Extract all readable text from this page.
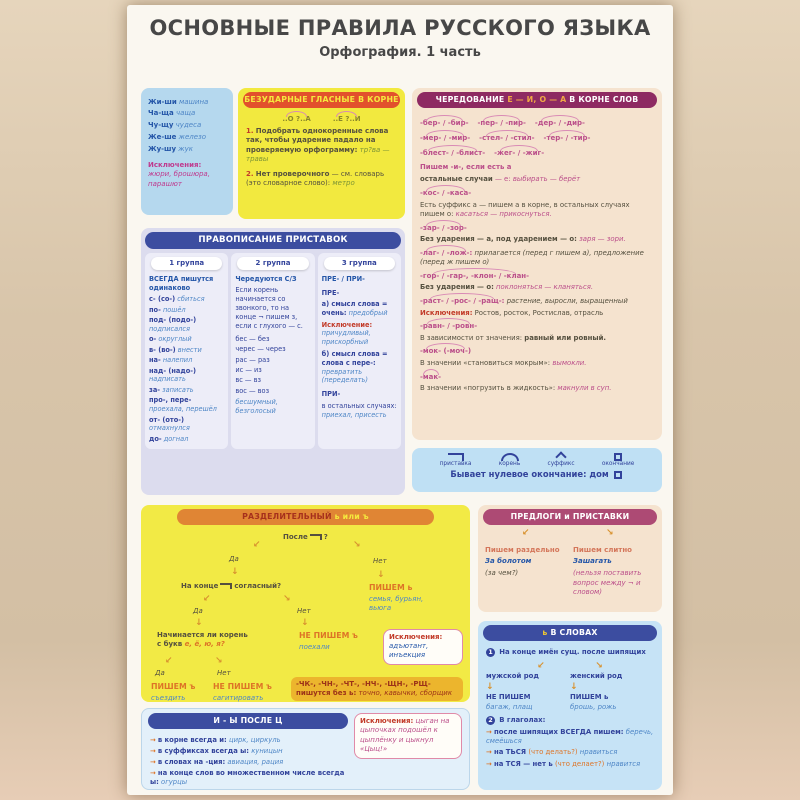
ОСНОВНЫЕ ПРАВИЛА РУССКОГО ЯЗЫКА
Орфография. 1 часть
Жи-ши машина
Ча-ща чаща
Чу-щу чудеса
Же-ше железо
Жу-шу жук
Исключения:
жюри, брошюра, парашют
БЕЗУДАРНЫЕ ГЛАСНЫЕ В КОРНЕ
..О ?..А	..Е ?..И
1. Подобрать однокоренные слова так, чтобы ударение падало на проверяемую орфограмму: тр?ва — травы
2. Нет проверочного — см. словарь (это словарное слово): метро
ЧЕРЕДОВАНИЕ Е — И, О — А В КОРНЕ СЛОВ
-бер- / -бир- -пер- / -пир- -дер- / -дир-
-мер- / -мир- -стел- / -стил- -тер- / -тир-
-блест- / -блист- -жег- / -жиг-
Пишем -и-, если есть а
остальные случаи — е: выбирать — берёт
-кос- / -каса-
Есть суффикс а — пишем а в корне, в остальных случаях пишем о: касаться — прикоснуться.
-зар- / -зор-
Без ударения — а, под ударением — о: заря — зори.
-лаг- / -лож-: прилагается (перед г пишем а), предложение (перед ж пишем о)
-гор- / -гар-, -клон- / -клан-
Без ударения — о: поклоняться — кланяться.
-раст- / -рос- / -ращ-: растение, выросли, выращенный
Исключения: Ростов, росток, Ростислав, отрасль
-равн- / -ровн-
В зависимости от значения: равный или ровный.
-мок- (-моч-)
В значении «становиться мокрым»: вымокли.
-мак-
В значении «погрузить в жидкость»: макнули в суп.
ПРАВОПИСАНИЕ ПРИСТАВОК
1 группа
ВСЕГДА пишутся одинаково
с- (со-) сбиться
по- пошёл
под- (подо-) подписался
о- округлый
в- (во-) внести
на- налепил
над- (надо-) надписать
за- записать
про-, пере- проехала, перешёл
от- (ото-) отмахнулся
до- догнал
2 группа
Чередуются С/З
Если корень начинается со звонкого, то на конце ¬ пишем з, если с глухого — с.
бес — без
черес — через
рас — раз
ис — из
вс — вз
вос — воз
бесшумный, безголосый
3 группа
ПРЕ- / ПРИ-
ПРЕ-
а) смысл слова = очень: предобрый
Исключение: причудливый, прискорбный
б) смысл слова = слова с пере-: превратить (переделать)
ПРИ-
в остальных случаях: приехал, присесть

приставка	корень	суффикс	окончание
Бывает нулевое окончание: дом
РАЗДЕЛИТЕЛЬНЫЙ ь или ъ
После ?
↙	↘
Да	Нет
↓	↓
На конце согласный?	ПИШЕМ ь
семья, бурьян, вьюга
↙	↘
Да	Нет
↓	↓
Начинается ли корень
с букв е, ё, ю, я?
НЕ ПИШЕМ ъ
поехали
Исключения:
адъютант, инъекция
↙	↘
Да	Нет
ПИШЕМ ъ
съездить
НЕ ПИШЕМ ъ
сагитировать
-ЧК-, -ЧН-, -ЧТ-, -НЧ-, -ЩН-, -РЩ-
пишутся без ь: точно, кавычки, сборщик
ПРЕДЛОГИ и ПРИСТАВКИ
↙	↘
Пишем раздельно
За болотом
(за чем?)
Пишем слитно
Зашагать
(нельзя поставить вопрос между ¬ и словом)
ь В СЛОВАХ
1 На конце имён сущ. после шипящих
↙	↘
мужской род
↓
НЕ ПИШЕМ
багаж, плащ
женский род
↓
ПИШЕМ ь
брошь, рожь
2 В глаголах:
→ после шипящих ВСЕГДА пишем: беречь, смеёшься
→ на ТЬСЯ (что делать?) нравиться
→ на ТСЯ — нет ь (что делает?) нравится
И - Ы ПОСЛЕ Ц
→ в корне всегда и: цирк, циркуль
→ в суффиксах всегда ы: куницын
→ в словах на -ция: авиация, рация
→ на конце слов во множественном числе всегда ы: огурцы
Исключения: цыган на цыпочках подошёл к цыплёнку и цыкнул «Цыц!»
